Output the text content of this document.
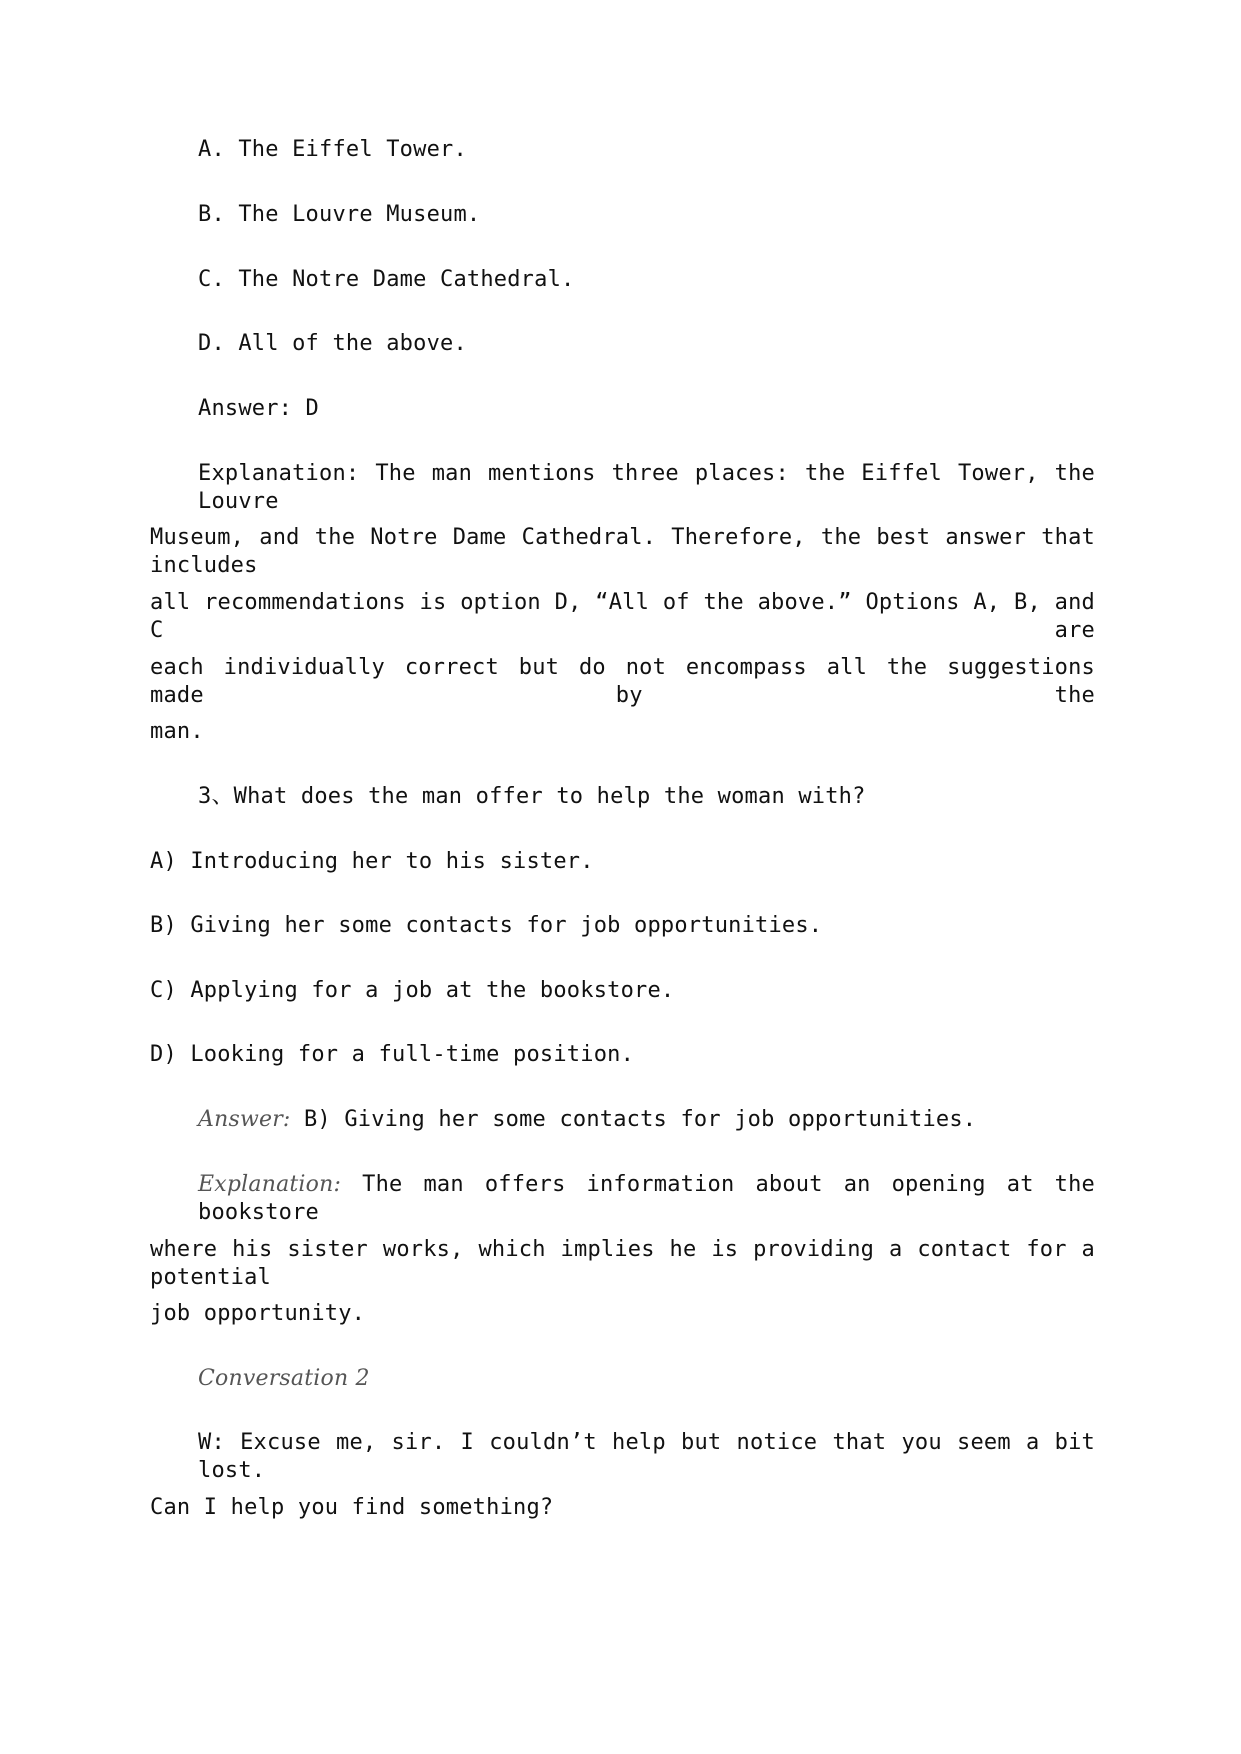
A. The Eiffel Tower.
B. The Louvre Museum.
C. The Notre Dame Cathedral.
D. All of the above.
Answer: D
Explanation: The man mentions three places: the Eiffel Tower, the Louvre
Museum, and the Notre Dame Cathedral. Therefore, the best answer that includes
all recommendations is option D, “All of the above.” Options A, B, and C are
each individually correct but do not encompass all the suggestions made by the
man.
3、What does the man offer to help the woman with?
A) Introducing her to his sister.
B) Giving her some contacts for job opportunities.
C) Applying for a job at the bookstore.
D) Looking for a full-time position.
Answer: B) Giving her some contacts for job opportunities.
Explanation: The man offers information about an opening at the bookstore
where his sister works, which implies he is providing a contact for a potential
job opportunity.
Conversation 2
W: Excuse me, sir. I couldn’t help but notice that you seem a bit lost.
Can I help you find something?
